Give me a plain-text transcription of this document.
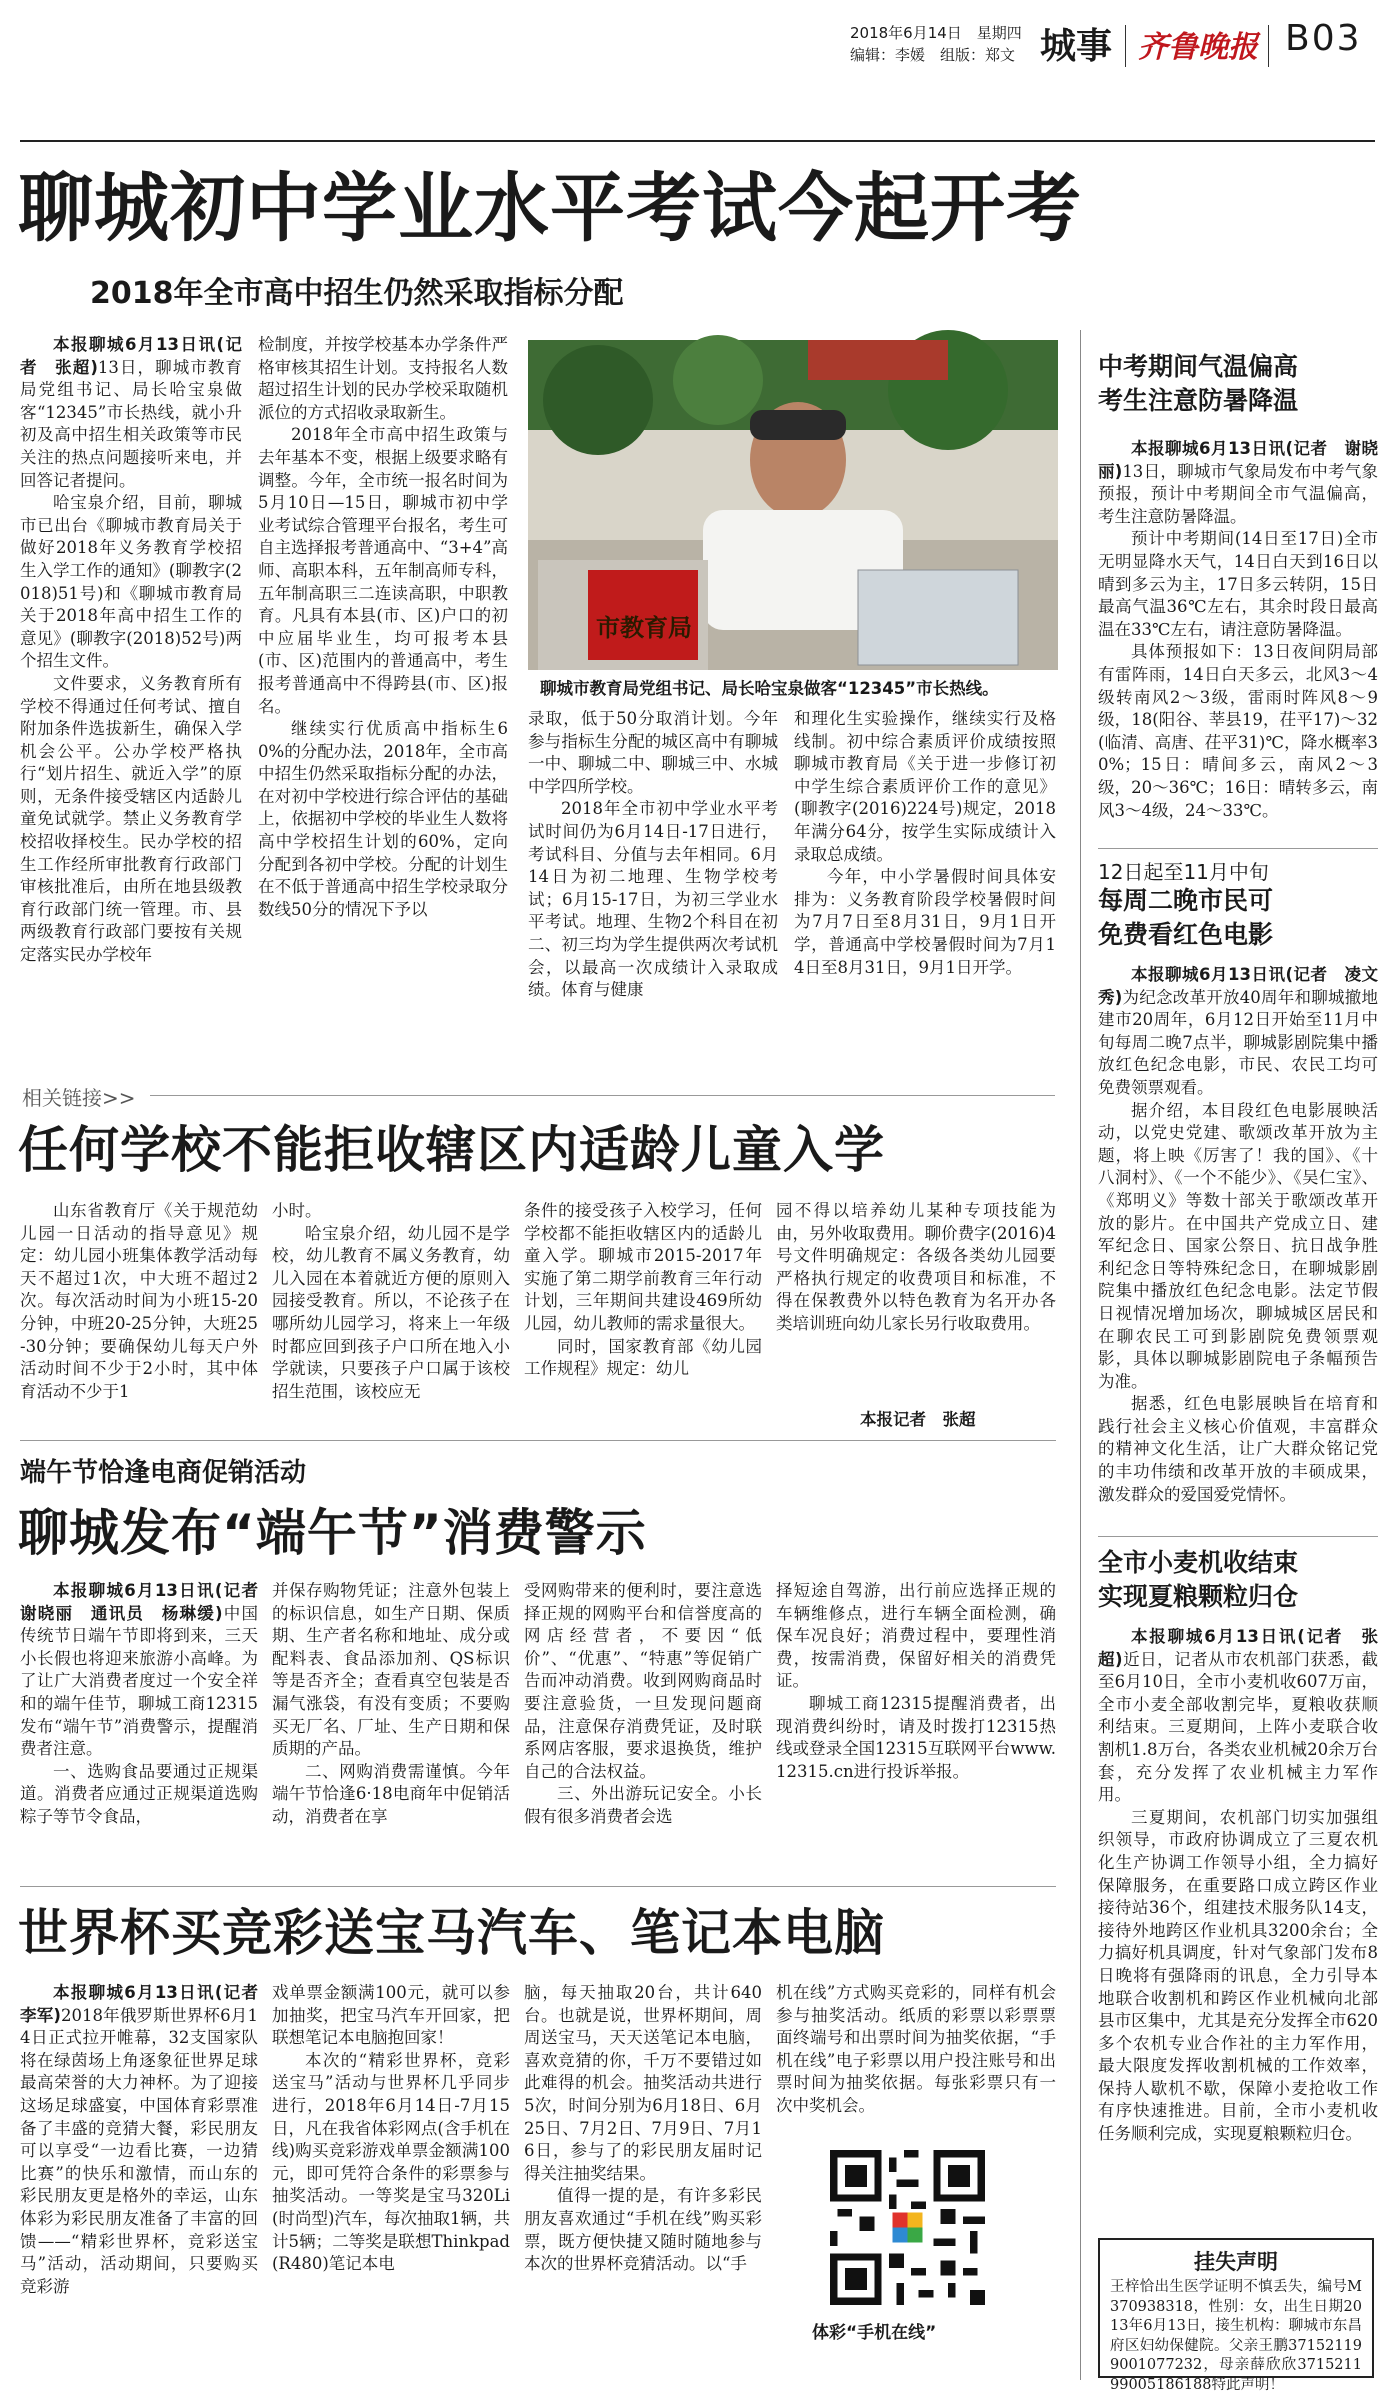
2018年6月14日　星期四
编辑：李媛　组版：郑文 城事 齐鲁晚报 B03
聊城初中学业水平考试今起开考
2018年全市高中招生仍然采取指标分配

本报聊城6月13日讯(记者　张超)13日，聊城市教育局党组书记、局长哈宝泉做客“12345”市长热线，就小升初及高中招生相关政策等市民关注的热点问题接听来电，并回答记者提问。

哈宝泉介绍，目前，聊城市已出台《聊城市教育局关于做好2018年义务教育学校招生入学工作的通知》(聊教字(2018)51号)和《聊城市教育局关于2018年高中招生工作的意见》(聊教字(2018)52号)两个招生文件。

文件要求，义务教育所有学校不得通过任何考试、擅自附加条件选拔新生，确保入学机会公平。公办学校严格执行“划片招生、就近入学”的原则，无条件接受辖区内适龄儿童免试就学。禁止义务教育学校招收择校生。民办学校的招生工作经所审批教育行政部门审核批准后，由所在地县级教育行政部门统一管理。市、县两级教育行政部门要按有关规定落实民办学校年

检制度，并按学校基本办学条件严格审核其招生计划。支持报名人数超过招生计划的民办学校采取随机派位的方式招收录取新生。

2018年全市高中招生政策与去年基本不变，根据上级要求略有调整。今年，全市统一报名时间为5月10日—15日，聊城市初中学业考试综合管理平台报名，考生可自主选择报考普通高中、“3+4”高师、高职本科，五年制高师专科，五年制高职三二连读高职，中职教育。凡具有本县(市、区)户口的初中应届毕业生，均可报考本县(市、区)范围内的普通高中，考生报考普通高中不得跨县(市、区)报名。

继续实行优质高中指标生60%的分配办法，2018年，全市高中招生仍然采取指标分配的办法，在对初中学校进行综合评估的基础上，依据初中学校的毕业生人数将高中学校招生计划的60%，定向分配到各初中学校。分配的计划生在不低于普通高中招生学校录取分数线50分的情况下予以

市教育局
聊城市教育局党组书记、局长哈宝泉做客“12345”市长热线。

录取，低于50分取消计划。今年参与指标生分配的城区高中有聊城一中、聊城二中、聊城三中、水城中学四所学校。

2018年全市初中学业水平考试时间仍为6月14日-17日进行，考试科目、分值与去年相同。6月14日为初二地理、生物学校考试；6月15-17日，为初三学业水平考试。地理、生物2个科目在初二、初三均为学生提供两次考试机会，以最高一次成绩计入录取成绩。体育与健康

和理化生实验操作，继续实行及格线制。初中综合素质评价成绩按照聊城市教育局《关于进一步修订初中学生综合素质评价工作的意见》(聊教字(2016)224号)规定，2018年满分64分，按学生实际成绩计入录取总成绩。

今年，中小学暑假时间具体安排为：义务教育阶段学校暑假时间为7月7日至8月31日，9月1日开学，普通高中学校暑假时间为7月14日至8月31日，9月1日开学。

相关链接>>
任何学校不能拒收辖区内适龄儿童入学

山东省教育厅《关于规范幼儿园一日活动的指导意见》规定：幼儿园小班集体教学活动每天不超过1次，中大班不超过2次。每次活动时间为小班15-20分钟，中班20-25分钟，大班25-30分钟；要确保幼儿每天户外活动时间不少于2小时，其中体育活动不少于1

小时。

哈宝泉介绍，幼儿园不是学校，幼儿教育不属义务教育，幼儿入园在本着就近方便的原则入园接受教育。所以，不论孩子在哪所幼儿园学习，将来上一年级时都应回到孩子户口所在地入小学就读，只要孩子户口属于该校招生范围，该校应无

条件的接受孩子入校学习，任何学校都不能拒收辖区内的适龄儿童入学。聊城市2015-2017年实施了第二期学前教育三年行动计划，三年期间共建设469所幼儿园，幼儿教师的需求量很大。

同时，国家教育部《幼儿园工作规程》规定：幼儿

园不得以培养幼儿某种专项技能为由，另外收取费用。聊价费字(2016)4号文件明确规定：各级各类幼儿园要严格执行规定的收费项目和标准，不得在保教费外以特色教育为名开办各类培训班向幼儿家长另行收取费用。

本报记者　张超
端午节恰逢电商促销活动
聊城发布“端午节”消费警示

本报聊城6月13日讯(记者　谢晓丽　通讯员　杨琳缓)中国传统节日端午节即将到来，三天小长假也将迎来旅游小高峰。为了让广大消费者度过一个安全祥和的端午佳节，聊城工商12315发布“端午节”消费警示，提醒消费者注意。

一、选购食品要通过正规渠道。消费者应通过正规渠道选购粽子等节令食品，

并保存购物凭证；注意外包装上的标识信息，如生产日期、保质期、生产者名称和地址、成分或配料表、食品添加剂、QS标识等是否齐全；查看真空包装是否漏气涨袋，有没有变质；不要购买无厂名、厂址、生产日期和保质期的产品。

二、网购消费需谨慎。今年端午节恰逢6·18电商年中促销活动，消费者在享

受网购带来的便利时，要注意选择正规的网购平台和信誉度高的网店经营者，不要因“低价”、“优惠”、“特惠”等促销广告而冲动消费。收到网购商品时要注意验货，一旦发现问题商品，注意保存消费凭证，及时联系网店客服，要求退换货，维护自己的合法权益。

三、外出游玩记安全。小长假有很多消费者会选

择短途自驾游，出行前应选择正规的车辆维修点，进行车辆全面检测，确保车况良好；消费过程中，要理性消费，按需消费，保留好相关的消费凭证。

聊城工商12315提醒消费者，出现消费纠纷时，请及时拨打12315热线或登录全国12315互联网平台www.12315.cn进行投诉举报。

世界杯买竞彩送宝马汽车、笔记本电脑

本报聊城6月13日讯(记者　李军)2018年俄罗斯世界杯6月14日正式拉开帷幕，32支国家队将在绿茵场上角逐象征世界足球最高荣誉的大力神杯。为了迎接这场足球盛宴，中国体育彩票准备了丰盛的竞猜大餐，彩民朋友可以享受“一边看比赛，一边猜比赛”的快乐和激情，而山东的彩民朋友更是格外的幸运，山东体彩为彩民朋友准备了丰富的回馈——“精彩世界杯，竞彩送宝马”活动，活动期间，只要购买竞彩游

戏单票金额满100元，就可以参加抽奖，把宝马汽车开回家，把联想笔记本电脑抱回家！

本次的“精彩世界杯，竞彩送宝马”活动与世界杯几乎同步进行，2018年6月14日-7月15日，凡在我省体彩网点(含手机在线)购买竞彩游戏单票金额满100元，即可凭符合条件的彩票参与抽奖活动。一等奖是宝马320Li(时尚型)汽车，每次抽取1辆，共计5辆；二等奖是联想Thinkpad(R480)笔记本电

脑，每天抽取20台，共计640台。也就是说，世界杯期间，周周送宝马，天天送笔记本电脑，喜欢竞猜的你，千万不要错过如此难得的机会。抽奖活动共进行5次，时间分别为6月18日、6月25日、7月2日、7月9日、7月16日，参与了的彩民朋友届时记得关注抽奖结果。

值得一提的是，有许多彩民朋友喜欢通过“手机在线”购买彩票，既方便快捷又随时随地参与本次的世界杯竞猜活动。以“手

机在线”方式购买竞彩的，同样有机会参与抽奖活动。纸质的彩票以彩票票面终端号和出票时间为抽奖依据，“手机在线”电子彩票以用户投注账号和出票时间为抽奖依据。每张彩票只有一次中奖机会。

体彩“手机在线”
中考期间气温偏高
考生注意防暑降温

本报聊城6月13日讯(记者　谢晓丽)13日，聊城市气象局发布中考气象预报，预计中考期间全市气温偏高，考生注意防暑降温。

预计中考期间(14日至17日)全市无明显降水天气，14日白天到16日以晴到多云为主，17日多云转阴，15日最高气温36℃左右，其余时段日最高温在33℃左右，请注意防暑降温。

具体预报如下：13日夜间阴局部有雷阵雨，14日白天多云，北风3～4级转南风2～3级，雷雨时阵风8～9级，18(阳谷、莘县19，茌平17)～32(临清、高唐、茌平31)℃，降水概率30%；15日：晴间多云，南风2～3级，20～36℃；16日：晴转多云，南风3～4级，24～33℃。

12日起至11月中旬
每周二晚市民可
免费看红色电影

本报聊城6月13日讯(记者　凌文秀)为纪念改革开放40周年和聊城撤地建市20周年，6月12日开始至11月中旬每周二晚7点半，聊城影剧院集中播放红色纪念电影，市民、农民工均可免费领票观看。

据介绍，本目段红色电影展映活动，以党史党建、歌颂改革开放为主题，将上映《厉害了！我的国》、《十八洞村》、《一个不能少》、《吴仁宝》、《郑明义》等数十部关于歌颂改革开放的影片。在中国共产党成立日、建军纪念日、国家公祭日、抗日战争胜利纪念日等特殊纪念日，在聊城影剧院集中播放红色纪念电影。法定节假日视情况增加场次，聊城城区居民和在聊农民工可到影剧院免费领票观影，具体以聊城影剧院电子条幅预告为准。

据悉，红色电影展映旨在培育和践行社会主义核心价值观，丰富群众的精神文化生活，让广大群众铭记党的丰功伟绩和改革开放的丰硕成果，激发群众的爱国爱党情怀。

全市小麦机收结束
实现夏粮颗粒归仓

本报聊城6月13日讯(记者　张超)近日，记者从市农机部门获悉，截至6月10日，全市小麦机收607万亩，全市小麦全部收割完毕，夏粮收获顺利结束。三夏期间，上阵小麦联合收割机1.8万台，各类农业机械20余万台套，充分发挥了农业机械主力军作用。

三夏期间，农机部门切实加强组织领导，市政府协调成立了三夏农机化生产协调工作领导小组，全力搞好保障服务，在重要路口成立跨区作业接待站36个，组建技术服务队14支，接待外地跨区作业机具3200余台；全力搞好机具调度，针对气象部门发布8日晚将有强降雨的讯息，全力引导本地联合收割机和跨区作业机械向北部县市区集中，尤其是充分发挥全市620多个农机专业合作社的主力军作用，最大限度发挥收割机械的工作效率，保持人歇机不歇，保障小麦抢收工作有序快速推进。目前，全市小麦机收任务顺利完成，实现夏粮颗粒归仓。

挂失声明
王梓恰出生医学证明不慎丢失，编号M370938318，性别：女，出生日期2013年6月13日，接生机构：聊城市东昌府区妇幼保健院。父亲王鹏371521199001077232，母亲薛欣欣371521199005186188特此声明！
